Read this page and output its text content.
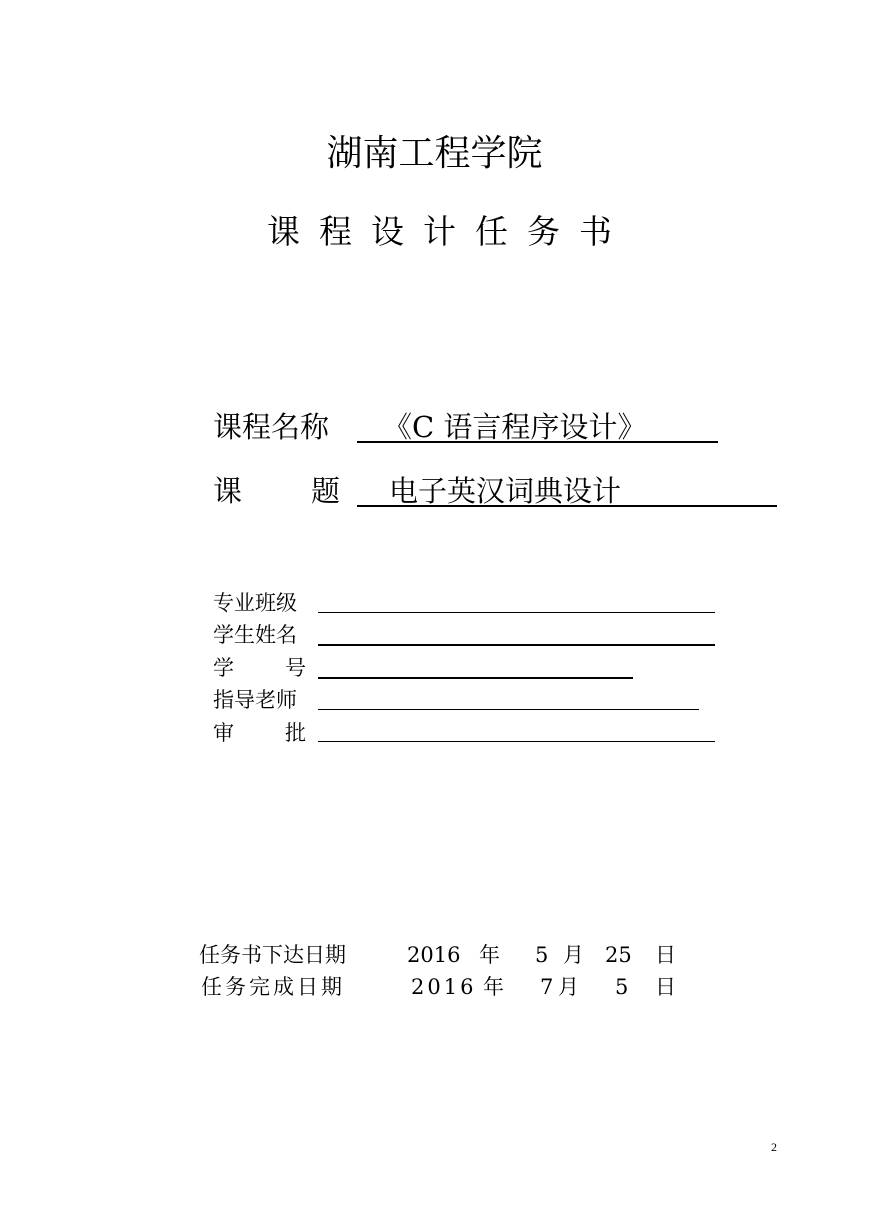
湖南工程学院
课程设计任务书
课程名称 《C 语言程序设计》
课 题 电子英汉词典设计
专业班级
学生姓名
学 号
指导老师
审 批
任务书下达日期	2016 年 5 月 25 日
任务完成日期	2016 年 7 月 5 日
2
